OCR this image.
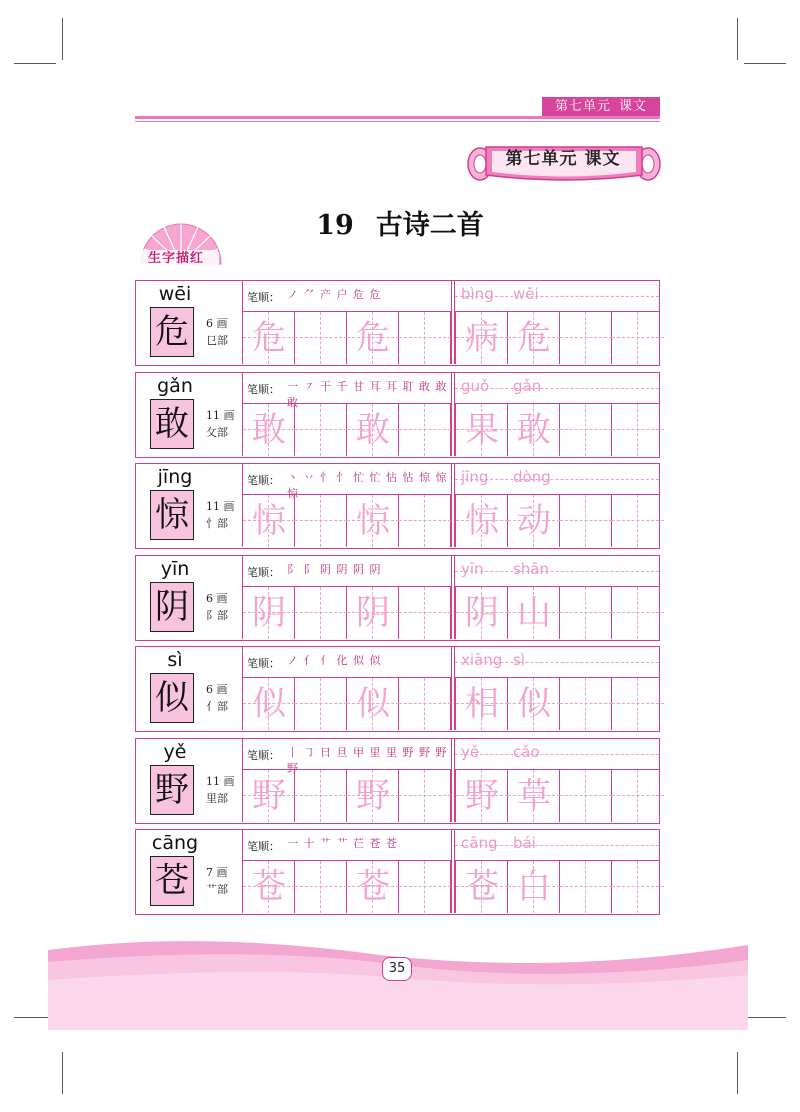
第七单元 课文
第七单元 课文
19 古诗二首
生字描红
wēi
危	6 画
㔾部
笔顺： ノ ⺈ 产 户 危 危	bìng wēi
危 危 病 危
gǎn
敢	11 画
攵部
笔顺： 一 ㇇ 干 千 甘 耳 耳 耵 敢 敢 敢
guǒ gǎn
敢 敢 果 敢
jīng
惊	11 画
忄部
笔顺： 丶 丷 忄 忄 忙 忙 怗 怗 惊 惊 惊
jīng dòng
惊 惊 惊 动
yīn
阴	6 画
阝部
笔顺： 阝 阝 阴 阴 阴 阴	yīn shān
阴 阴 阴 山
sì
似	6 画
亻部
笔顺： ノ 亻 亻 化 似 似	xiāng sì
似 似 相 似
yě
野	11 画
里部
笔顺： 丨 ㇆ 日 旦 甲 里 里 野 野 野 野
yě cǎo
野 野 野 草
cāng
苍	7 画
艹部
笔顺： 一 十 艹 艹 芢 苍 苍	cāng bái
苍 苍 苍 白
35
